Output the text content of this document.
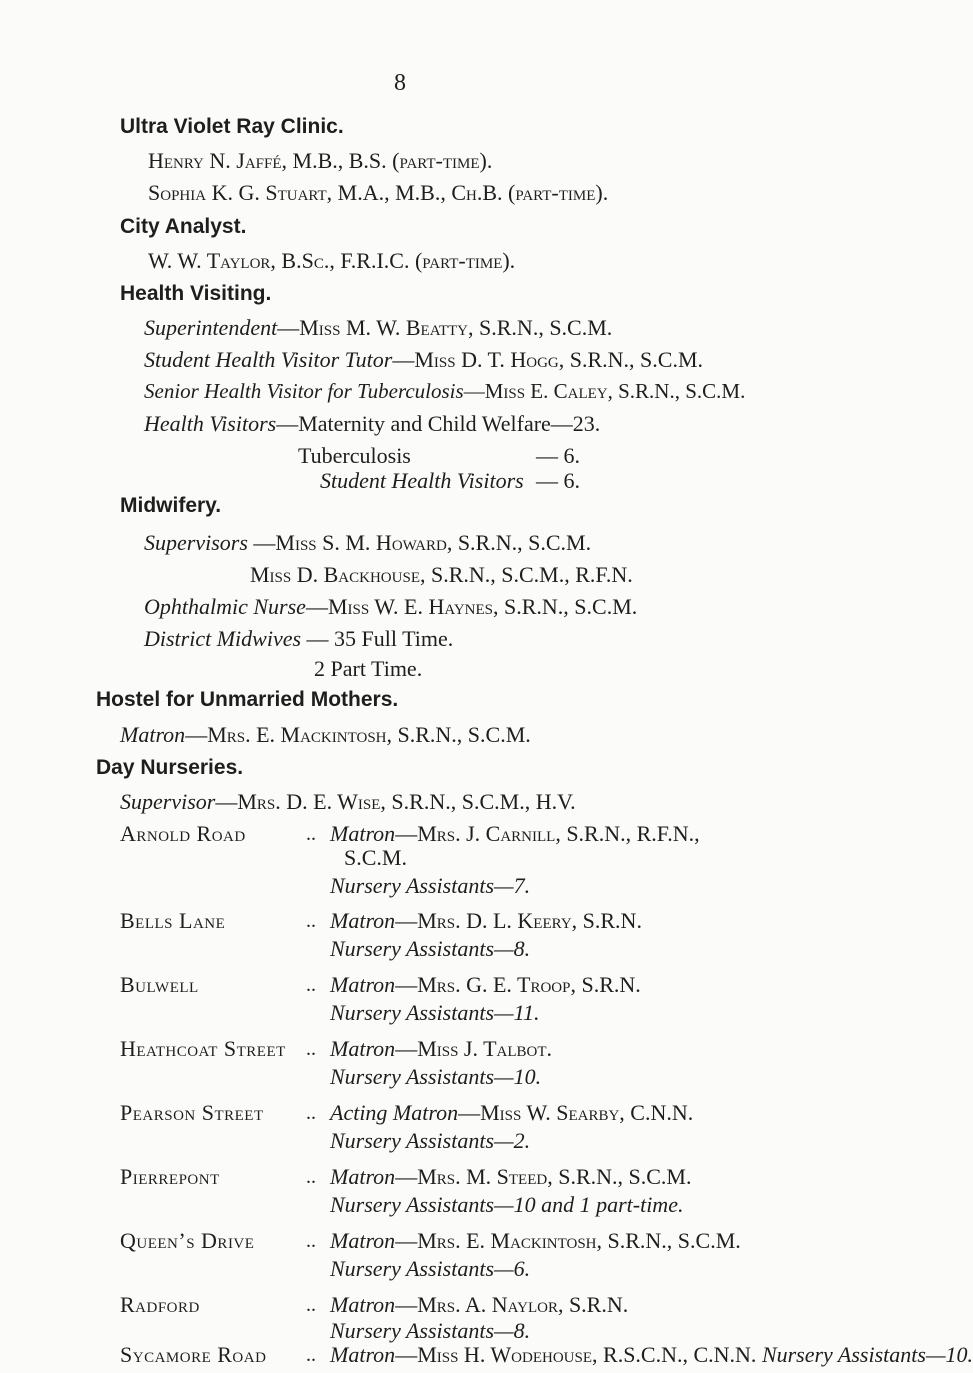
8
Ultra Violet Ray Clinic.
Henry N. Jaffé, M.B., B.S. (part-time).
Sophia K. G. Stuart, M.A., M.B., Ch.B. (part-time).
City Analyst.
W. W. Taylor, B.Sc., F.R.I.C. (part-time).
Health Visiting.
Superintendent—Miss M. W. Beatty, S.R.N., S.C.M.
Student Health Visitor Tutor—Miss D. T. Hogg, S.R.N., S.C.M.
Senior Health Visitor for Tuberculosis—Miss E. Caley, S.R.N., S.C.M.
Health Visitors—Maternity and Child Welfare—23.
Tuberculosis	— 6.
Student Health Visitors — 6.
Midwifery.
Supervisors —Miss S. M. Howard, S.R.N., S.C.M.
Miss D. Backhouse, S.R.N., S.C.M., R.F.N.
Ophthalmic Nurse—Miss W. E. Haynes, S.R.N., S.C.M.
District Midwives — 35 Full Time.
2 Part Time.
Hostel for Unmarried Mothers.
Matron—Mrs. E. Mackintosh, S.R.N., S.C.M.
Day Nurseries.
Supervisor—Mrs. D. E. Wise, S.R.N., S.C.M., H.V.
Arnold Road	.. Matron—Mrs. J. Carnill, S.R.N., R.F.N.,
S.C.M.
Nursery Assistants—7.
Bells Lane	.. Matron—Mrs. D. L. Keery, S.R.N.
Nursery Assistants—8.
Bulwell	.. Matron—Mrs. G. E. Troop, S.R.N.
Nursery Assistants—11.
Heathcoat Street .. Matron—Miss J. Talbot.
Nursery Assistants—10.
Pearson Street .. Acting Matron—Miss W. Searby, C.N.N.
Nursery Assistants—2.
Pierrepont	.. Matron—Mrs. M. Steed, S.R.N., S.C.M.
Nursery Assistants—10 and 1 part-time.
Queen’s Drive	.. Matron—Mrs. E. Mackintosh, S.R.N., S.C.M.
Nursery Assistants—6.
Radford	.. Matron—Mrs. A. Naylor, S.R.N.
Nursery Assistants—8.
Sycamore Road .. Matron—Miss H. Wodehouse, R.S.C.N., C.N.N. Nursery Assistants—10.
